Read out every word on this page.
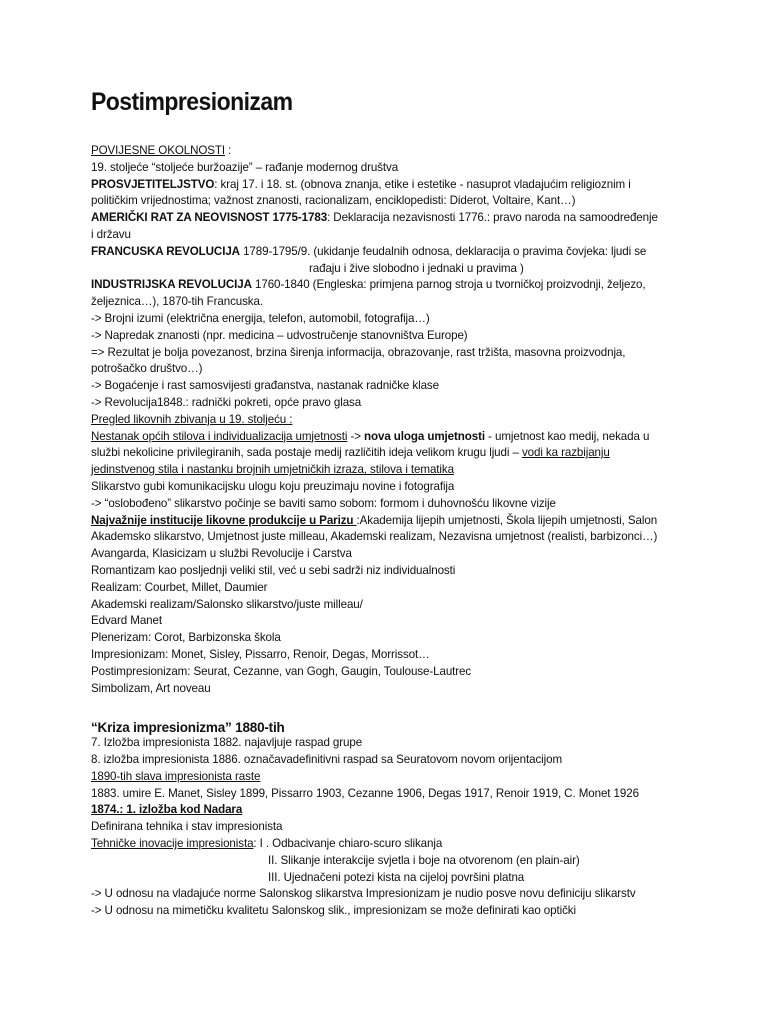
Postimpresionizam
POVIJESNE OKOLNOSTI :
19. stoljeće “stoljeće buržoazije” – rađanje modernog društva
PROSVJETITELJSTVO: kraj 17. i 18. st. (obnova znanja, etike i estetike - nasuprot vladajućim religioznim i
političkim vrijednostima; važnost znanosti, racionalizam, enciklopedisti: Diderot, Voltaire, Kant…)
AMERIČKI RAT ZA NEOVISNOST 1775-1783: Deklaracija nezavisnosti 1776.: pravo naroda na samoodređenje
i državu
FRANCUSKA REVOLUCIJA 1789-1795/9. (ukidanje feudalnih odnosa, deklaracija o pravima čovjeka: ljudi se
rađaju i žive slobodno i jednaki u pravima )
INDUSTRIJSKA REVOLUCIJA 1760-1840 (Engleska: primjena parnog stroja u tvorničkoj proizvodnji, željezo,
željeznica…), 1870-tih Francuska.
-> Brojni izumi (električna energija, telefon, automobil, fotografija…)
-> Napredak znanosti (npr. medicina – udvostručenje stanovništva Europe)
=> Rezultat je bolja povezanost, brzina širenja informacija, obrazovanje, rast tržišta, masovna proizvodnja,
potrošačko društvo…)
-> Bogaćenje i rast samosvijesti građanstva, nastanak radničke klase
-> Revolucija1848.: radnički pokreti, opće pravo glasa
Pregled likovnih zbivanja u 19. stoljeću :
Nestanak općih stilova i individualizacija umjetnosti -> nova uloga umjetnosti - umjetnost kao medij, nekada u
službi nekolicine privilegiranih, sada postaje medij različitih ideja velikom krugu ljudi – vodi ka razbijanju
jedinstvenog stila i nastanku brojnih umjetničkih izraza, stilova i tematika
Slikarstvo gubi komunikacijsku ulogu koju preuzimaju novine i fotografija
-> “oslobođeno” slikarstvo počinje se baviti samo sobom: formom i duhovnošću likovne vizije
Najvažnije institucije likovne produkcije u Parizu :Akademija lijepih umjetnosti, Škola lijepih umjetnosti, Salon
Akademsko slikarstvo, Umjetnost juste milleau, Akademski realizam, Nezavisna umjetnost (realisti, barbizonci…)
Avangarda, Klasicizam u službi Revolucije i Carstva
Romantizam kao posljednji veliki stil, već u sebi sadrži niz individualnosti
Realizam: Courbet, Millet, Daumier
Akademski realizam/Salonsko slikarstvo/juste milleau/
Edvard Manet
Plenerizam: Corot, Barbizonska škola
Impresionizam: Monet, Sisley, Pissarro, Renoir, Degas, Morrissot…
Postimpresionizam: Seurat, Cezanne, van Gogh, Gaugin, Toulouse-Lautrec
Simbolizam, Art noveau
“Kriza impresionizma” 1880-tih
7. Izložba impresionista 1882. najavljuje raspad grupe
8. izložba impresionista 1886. označavadefinitivni raspad sa Seuratovom novom orijentacijom
1890-tih slava impresionista raste
1883. umire E. Manet, Sisley 1899, Pissarro 1903, Cezanne 1906, Degas 1917, Renoir 1919, C. Monet 1926
1874.: 1. izložba kod Nadara
Definirana tehnika i stav impresionista
Tehničke inovacije impresionista: I . Odbacivanje chiaro-scuro slikanja
II. Slikanje interakcije svjetla i boje na otvorenom (en plain-air)
III. Ujednačeni potezi kista na cijeloj površini platna
-> U odnosu na vladajuće norme Salonskog slikarstva Impresionizam je nudio posve novu definiciju slikarstv
-> U odnosu na mimetičku kvalitetu Salonskog slik., impresionizam se može definirati kao optički
